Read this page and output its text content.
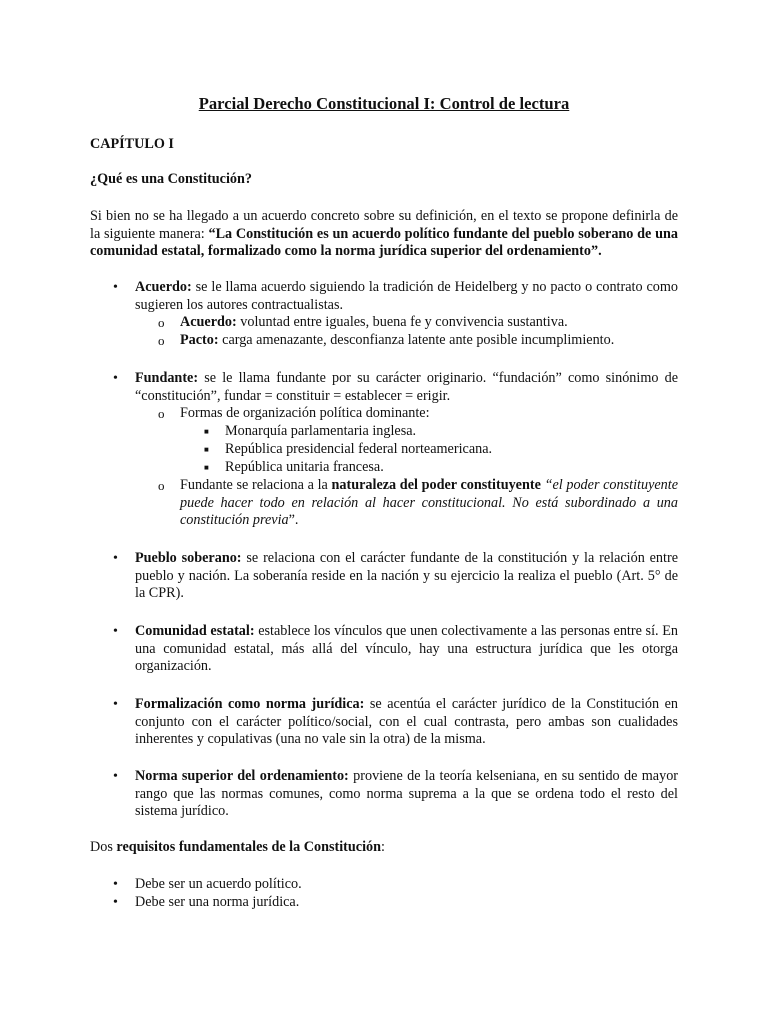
Parcial Derecho Constitucional I: Control de lectura
CAPÍTULO I
¿Qué es una Constitución?
Si bien no se ha llegado a un acuerdo concreto sobre su definición, en el texto se propone definirla de la siguiente manera: “La Constitución es un acuerdo político fundante del pueblo soberano de una comunidad estatal, formalizado como la norma jurídica superior del ordenamiento”.
• Acuerdo: se le llama acuerdo siguiendo la tradición de Heidelberg y no pacto o contrato como sugieren los autores contractualistas.
o Acuerdo: voluntad entre iguales, buena fe y convivencia sustantiva.
o Pacto: carga amenazante, desconfianza latente ante posible incumplimiento.
• Fundante: se le llama fundante por su carácter originario. “fundación” como sinónimo de “constitución”, fundar = constituir = establecer = erigir.
o Formas de organización política dominante:
■ Monarquía parlamentaria inglesa.
■ República presidencial federal norteamericana.
■ República unitaria francesa.
o Fundante se relaciona a la naturaleza del poder constituyente “el poder constituyente puede hacer todo en relación al hacer constitucional. No está subordinado a una constitución previa”.
• Pueblo soberano: se relaciona con el carácter fundante de la constitución y la relación entre pueblo y nación. La soberanía reside en la nación y su ejercicio la realiza el pueblo (Art. 5° de la CPR).
• Comunidad estatal: establece los vínculos que unen colectivamente a las personas entre sí. En una comunidad estatal, más allá del vínculo, hay una estructura jurídica que les otorga organización.
• Formalización como norma jurídica: se acentúa el carácter jurídico de la Constitución en conjunto con el carácter político/social, con el cual contrasta, pero ambas son cualidades inherentes y copulativas (una no vale sin la otra) de la misma.
• Norma superior del ordenamiento: proviene de la teoría kelseniana, en su sentido de mayor rango que las normas comunes, como norma suprema a la que se ordena todo el resto del sistema jurídico.
Dos requisitos fundamentales de la Constitución:
• Debe ser un acuerdo político.
• Debe ser una norma jurídica.
